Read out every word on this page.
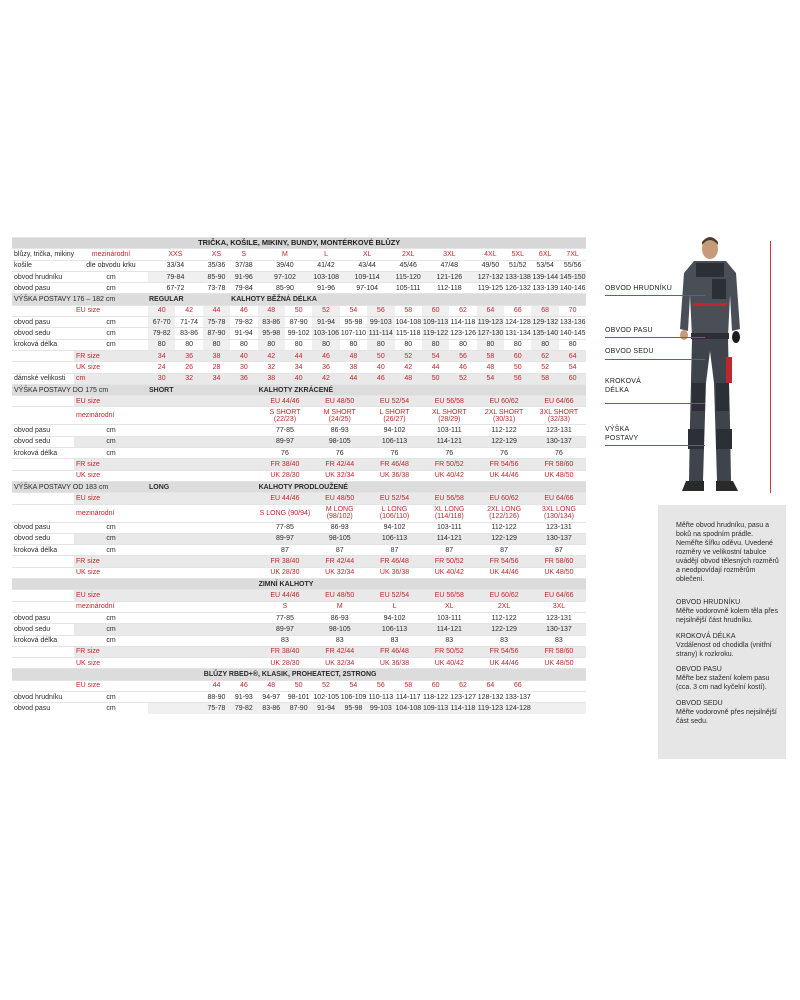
TRIČKA, KOŠILE, MIKINY, BUNDY, MONTÉRKOVÉ BLŮZY																	
blůzy, trička, mikiny	mezinárodní	XXS		XS	S	M		L	XL		2XL	3XL		4XL	5XL	6XL	7XL
košile	dle obvodu krku	33/34		35/36	37/38	39/40		41/42	43/44		45/46	47/48		49/50	51/52	53/54	55/56
obvod hrudníku	cm	79-84		85-90	91-96	97-102		103-108	109-114		115-120	121-126		127-132	133-138	139-144	145-150
obvod pasu	cm	67-72		73-78	79-84	85-90		91-96	97-104		105-111	112-118		119-125	126-132	133-139	140-146
VÝŠKA POSTAVY 176 – 182 cm		REGULAR			KALHOTY BĚŽNÁ DÉLKA												
	EU size	40	42	44	46	48	50	52	54	56	58	60	62	64	66	68	70
obvod pasu	cm	67-70	71-74	75-78	79-82	83-86	87-90	91-94	95-98	99-103	104-108	109-113	114-118	119-123	124-128	129-132	133-136
obvod sedu	cm	79-82	83-86	87-90	91-94	95-98	99-102	103-106	107-110	111-114	115-118	119-122	123-126	127-130	131-134	135-140	140-145
kroková délka	cm	80	80	80	80	80	80	80	80	80	80	80	80	80	80	80	80
	FR size	34	36	38	40	42	44	46	48	50	52	54	56	58	60	62	64
	UK size	24	26	28	30	32	34	36	38	40	42	44	46	48	50	52	54
dámské velikosti	cm	30	32	34	36	38	40	42	44	46	48	50	52	54	56	58	60
VÝŠKA POSTAVY DO 175 cm		SHORT				KALHOTY ZKRÁCENÉ											
	EU size					EU 44/46		EU 48/50		EU 52/54		EU 56/58		EU 60/62		EU 64/66	
	mezinárodní					S SHORT (22/23)		M SHORT (24/25)		L SHORT (26/27)		XL SHORT (28/29)		2XL SHORT (30/31)		3XL SHORT (32/33)	
obvod pasu	cm					77-85		86-93		94-102		103-111		112-122		123-131	
obvod sedu	cm					89-97		98-105		106-113		114-121		122-129		130-137	
kroková délka	cm					76		76		76		76		76		76	
	FR size					FR 38/40		FR 42/44		FR 46/48		FR 50/52		FR 54/56		FR 58/60	
	UK size					UK 28/30		UK 32/34		UK 36/38		UK 40/42		UK 44/46		UK 48/50	
VÝŠKA POSTAVY OD 183 cm		LONG				KALHOTY PRODLOUŽENÉ											
	EU size					EU 44/46		EU 48/50		EU 52/54		EU 56/58		EU 60/62		EU 64/66	
	mezinárodní					S LONG (90/94)		M LONG (98/102)		L LONG (106/110)		XL LONG (114/118)		2XL LONG (122/126)		3XL LONG (130/134)	
obvod pasu	cm					77-85		86-93		94-102		103-111		112-122		123-131	
obvod sedu	cm					89-97		98-105		106-113		114-121		122-129		130-137	
kroková délka	cm					87		87		87		87		87		87	
	FR size					FR 38/40		FR 42/44		FR 46/48		FR 50/52		FR 54/56		FR 58/60	
	UK size					UK 28/30		UK 32/34		UK 36/38		UK 40/42		UK 44/46		UK 48/50	
						ZIMNÍ KALHOTY											
	EU size					EU 44/46		EU 48/50		EU 52/54		EU 56/58		EU 60/62		EU 64/66	
	mezinárodní					S		M		L		XL		2XL		3XL	
obvod pasu	cm					77-85		86-93		94-102		103-111		112-122		123-131	
obvod sedu	cm					89-97		98-105		106-113		114-121		122-129		130-137	
kroková délka	cm					83		83		83		83		83		83	
	FR size					FR 38/40		FR 42/44		FR 46/48		FR 50/52		FR 54/56		FR 58/60	
	UK size					UK 28/30		UK 32/34		UK 36/38		UK 40/42		UK 44/46		UK 48/50	
				BLŮZY RBED+®, KLASIK, PROHEATECT, 2STRONG													
	EU size			44	46	48	50	52	54	56	58	60	62	64	66		
obvod hrudníku	cm			88-90	91-93	94-97	98-101	102-105	106-109	110-113	114-117	118-122	123-127	128-132	133-137		
obvod pasu	cm			75-78	79-82	83-86	87-90	91-94	95-98	99-103	104-108	109-113	114-118	119-123	124-128		
OBVOD HRUDNÍKU
OBVOD PASU
OBVOD SEDU
KROKOVÁ DÉLKA
VÝŠKA POSTAVY

Měřte obvod hrudníku, pasu a boků na spodním prádle. Neměřte šířku oděvu. Uvedené rozměry ve velikostní tabulce uvádějí obvod tělesných rozměrů a neodpovídají rozměrům oblečení.

OBVOD HRUDNÍKU
Měřte vodorovně kolem těla přes nejsilnější část hrudníku.

KROKOVÁ DÉLKA
Vzdálenost od chodidla (vnitřní strany) k rozkroku.

OBVOD PASU
Měřte bez stažení kolem pasu (cca. 3 cm nad kyčelní kostí).

OBVOD SEDU
Měřte vodorovně přes nejsilnější část sedu.
